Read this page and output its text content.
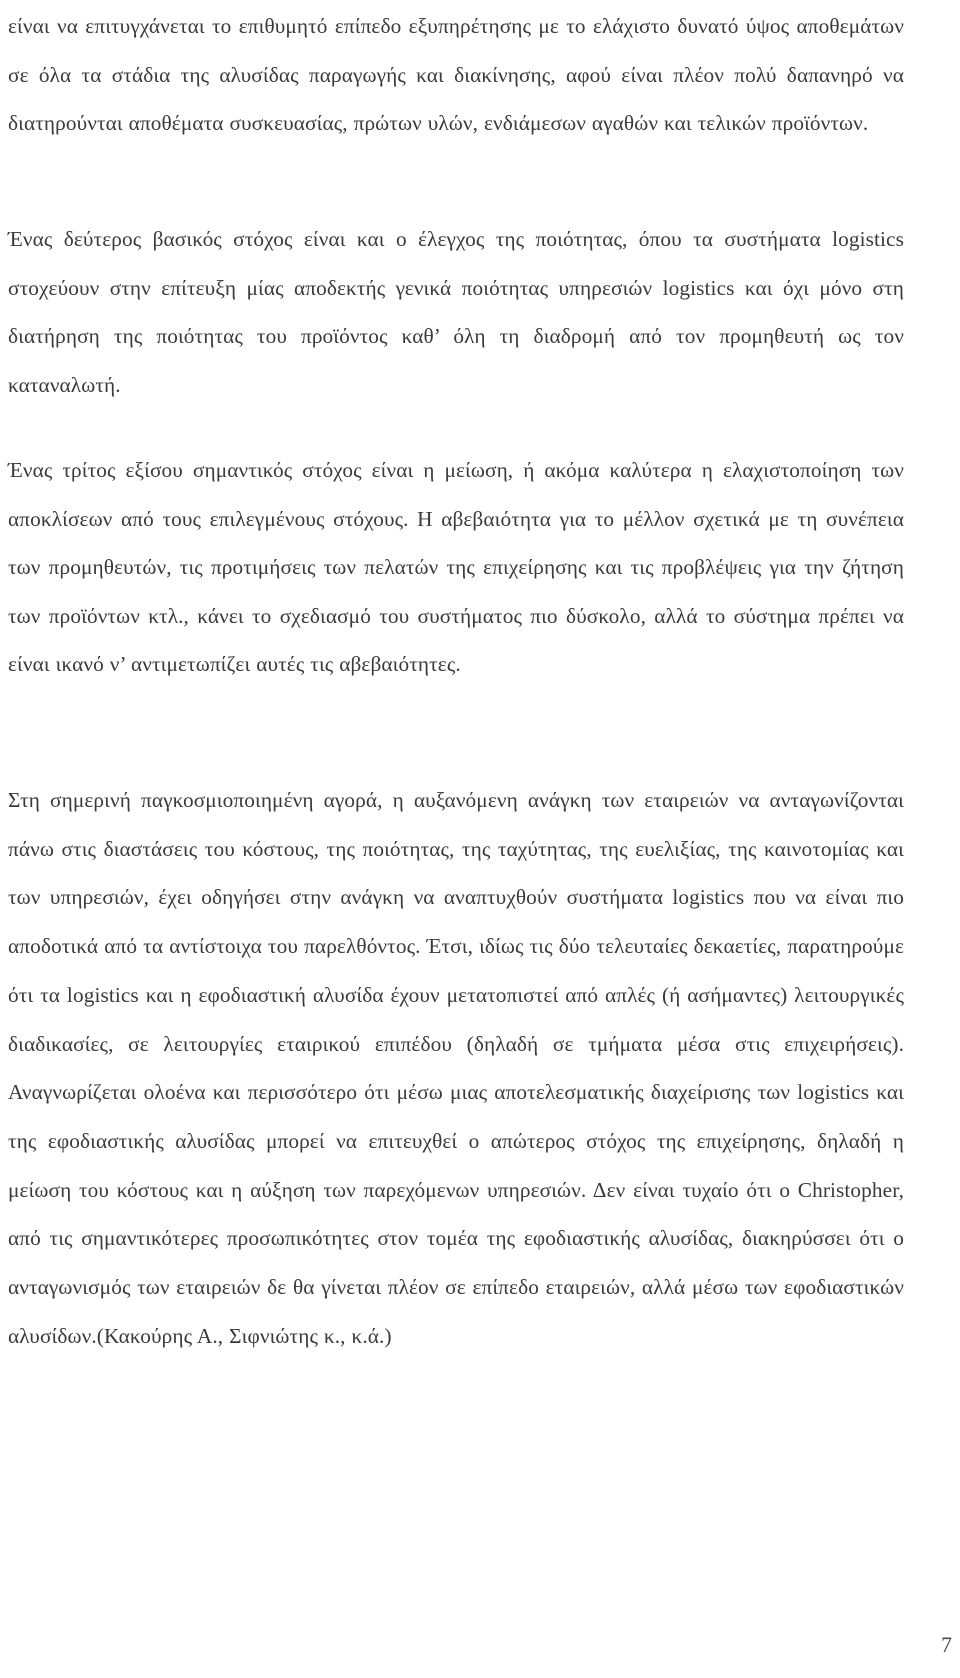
είναι να επιτυγχάνεται το επιθυμητό επίπεδο εξυπηρέτησης με το ελάχιστο δυνατό ύψος αποθεμάτων σε όλα τα στάδια της αλυσίδας παραγωγής και διακίνησης, αφού είναι πλέον πολύ δαπανηρό να διατηρούνται αποθέματα συσκευασίας, πρώτων υλών, ενδιάμεσων αγαθών και τελικών προϊόντων.

Ένας δεύτερος βασικός στόχος είναι και ο έλεγχος της ποιότητας, όπου τα συστήματα logistics στοχεύουν στην επίτευξη μίας αποδεκτής γενικά ποιότητας υπηρεσιών logistics και όχι μόνο στη διατήρηση της ποιότητας του προϊόντος καθ’ όλη τη διαδρομή από τον προμηθευτή ως τον καταναλωτή.

Ένας τρίτος εξίσου σημαντικός στόχος είναι η μείωση, ή ακόμα καλύτερα η ελαχιστοποίηση των αποκλίσεων από τους επιλεγμένους στόχους. Η αβεβαιότητα για το μέλλον σχετικά με τη συνέπεια των προμηθευτών, τις προτιμήσεις των πελατών της επιχείρησης και τις προβλέψεις για την ζήτηση των προϊόντων κτλ., κάνει το σχεδιασμό του συστήματος πιο δύσκολο, αλλά το σύστημα πρέπει να είναι ικανό ν’ αντιμετωπίζει αυτές τις αβεβαιότητες.

Στη σημερινή παγκοσμιοποιημένη αγορά, η αυξανόμενη ανάγκη των εταιρειών να ανταγωνίζονται πάνω στις διαστάσεις του κόστους, της ποιότητας, της ταχύτητας, της ευελιξίας, της καινοτομίας και των υπηρεσιών, έχει οδηγήσει στην ανάγκη να αναπτυχθούν συστήματα logistics που να είναι πιο αποδοτικά από τα αντίστοιχα του παρελθόντος. Έτσι, ιδίως τις δύο τελευταίες δεκαετίες, παρατηρούμε ότι τα logistics και η εφοδιαστική αλυσίδα έχουν μετατοπιστεί από απλές (ή ασήμαντες) λειτουργικές διαδικασίες, σε λειτουργίες εταιρικού επιπέδου (δηλαδή σε τμήματα μέσα στις επιχειρήσεις). Αναγνωρίζεται ολοένα και περισσότερο ότι μέσω μιας αποτελεσματικής διαχείρισης των logistics και της εφοδιαστικής αλυσίδας μπορεί να επιτευχθεί ο απώτερος στόχος της επιχείρησης, δηλαδή η μείωση του κόστους και η αύξηση των παρεχόμενων υπηρεσιών. Δεν είναι τυχαίο ότι ο Christopher, από τις σημαντικότερες προσωπικότητες στον τομέα της εφοδιαστικής αλυσίδας, διακηρύσσει ότι ο ανταγωνισμός των εταιρειών δε θα γίνεται πλέον σε επίπεδο εταιρειών, αλλά μέσω των εφοδιαστικών αλυσίδων.(Κακούρης Α., Σιφνιώτης κ., κ.ά.)

7
